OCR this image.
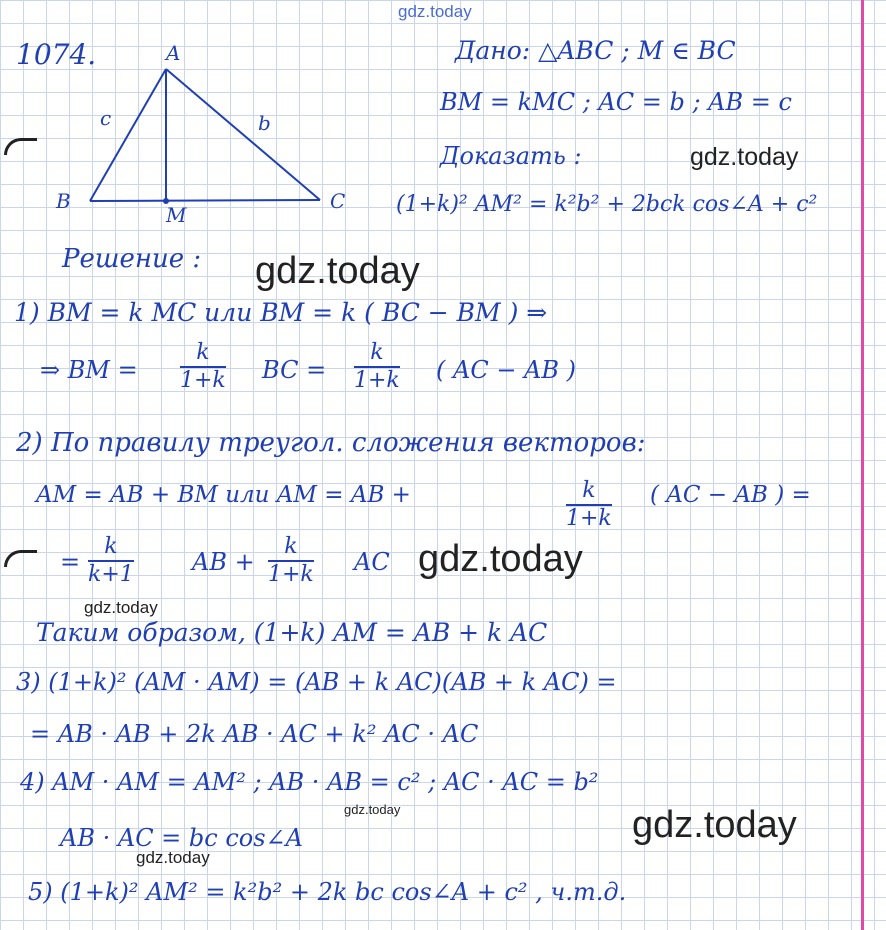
gdz.today
1074.	A
B	C
M
c	b
Дано: △ABC ; M ∈ BC
BM = kMC ; AC = b ; AB = c
Доказать :	gdz.today
(1+k)² AM² = k²b² + 2bck cos∠A + c²
Решение : gdz.today
1) BM = k MC или BM = k ( BC − BM ) ⇒
⇒ BM = $\frac{k}{1+k}$ BC = $\frac{k}{1+k}$ ( AC − AB )
2) По правилу треугол. сложения векторов:
AM = AB + BM или AM = AB +	$\frac{k}{1+k}$ ( AC − AB ) =
= $\frac{k}{k+1}$ AB + $\frac{k}{1+k}$ AC gdz.today
gdz.today
Таким образом, (1+k) AM = AB + k AC
3) (1+k)² (AM · AM) = (AB + k AC)(AB + k AC) =
= AB · AB + 2k AB · AC + k² AC · AC
4) AM · AM = AM² ; AB · AB = c² ; AC · AC = b²
gdz.today
AB · AC = bc cos∠A	gdz.today
gdz.today
5) (1+k)² AM² = k²b² + 2k bc cos∠A + c² , ч.т.д.
